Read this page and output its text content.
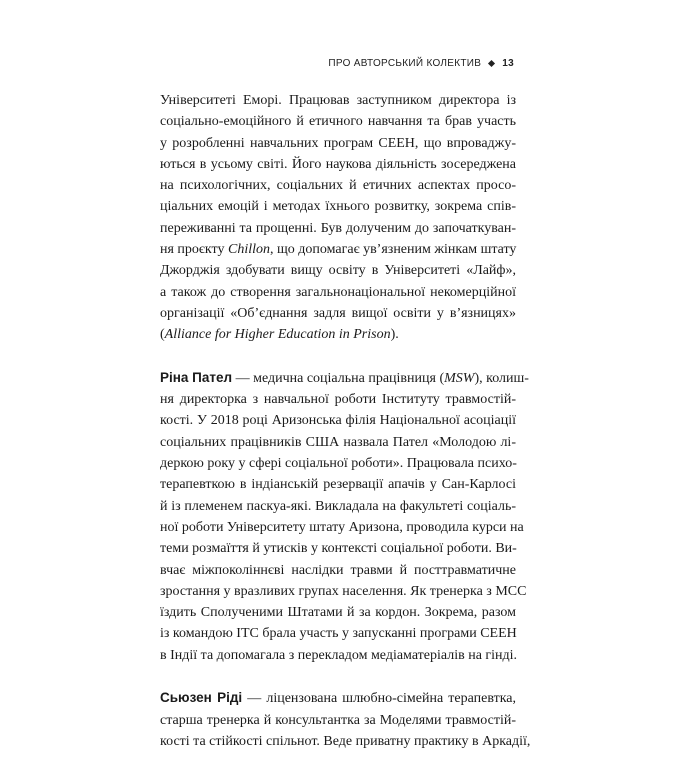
ПРО АВТОРСЬКИЙ КОЛЕКТИВ 13
Університеті Еморі. Працював заступником директора із
соціально-емоційного й етичного навчання та брав участь
у розробленні навчальних програм СЕЕН, що впроваджу-
ються в усьому світі. Його наукова діяльність зосереджена
на психологічних, соціальних й етичних аспектах просо-
ціальних емоцій і методах їхнього розвитку, зокрема спів-
переживанні та прощенні. Був долученим до започаткуван-
ня проєкту Chillon, що допомагає ув’язненим жінкам штату
Джорджія здобувати вищу освіту в Університеті «Лайф»,
а також до створення загальнонаціональної некомерційної
організації «Об’єднання задля вищої освіти у в’язницях»
(Alliance for Higher Education in Prison).
Ріна Пател — медична соціальна працівниця (MSW), колиш-
ня директорка з навчальної роботи Інституту травмостій-
кості. У 2018 році Аризонська філія Національної асоціації
соціальних працівників США назвала Пател «Молодою лі-
деркою року у сфері соціальної роботи». Працювала психо-
терапевткою в індіанській резервації апачів у Сан-Карлосі
й із племенем паскуа-які. Викладала на факультеті соціаль-
ної роботи Університету штату Аризона, проводила курси на
теми розмаїття й утисків у контексті соціальної роботи. Ви-
вчає міжпоколіннєві наслідки травми й посттравматичне
зростання у вразливих групах населення. Як тренерка з МСС
їздить Сполученими Штатами й за кордон. Зокрема, разом
із командою ІТС брала участь у запусканні програми СЕЕН
в Індії та допомагала з перекладом медіаматеріалів на гінді.
Сьюзен Ріді — ліцензована шлюбно-сімейна терапевтка,
старша тренерка й консультантка за Моделями травмостій-
кості та стійкості спільнот. Веде приватну практику в Аркадії,
